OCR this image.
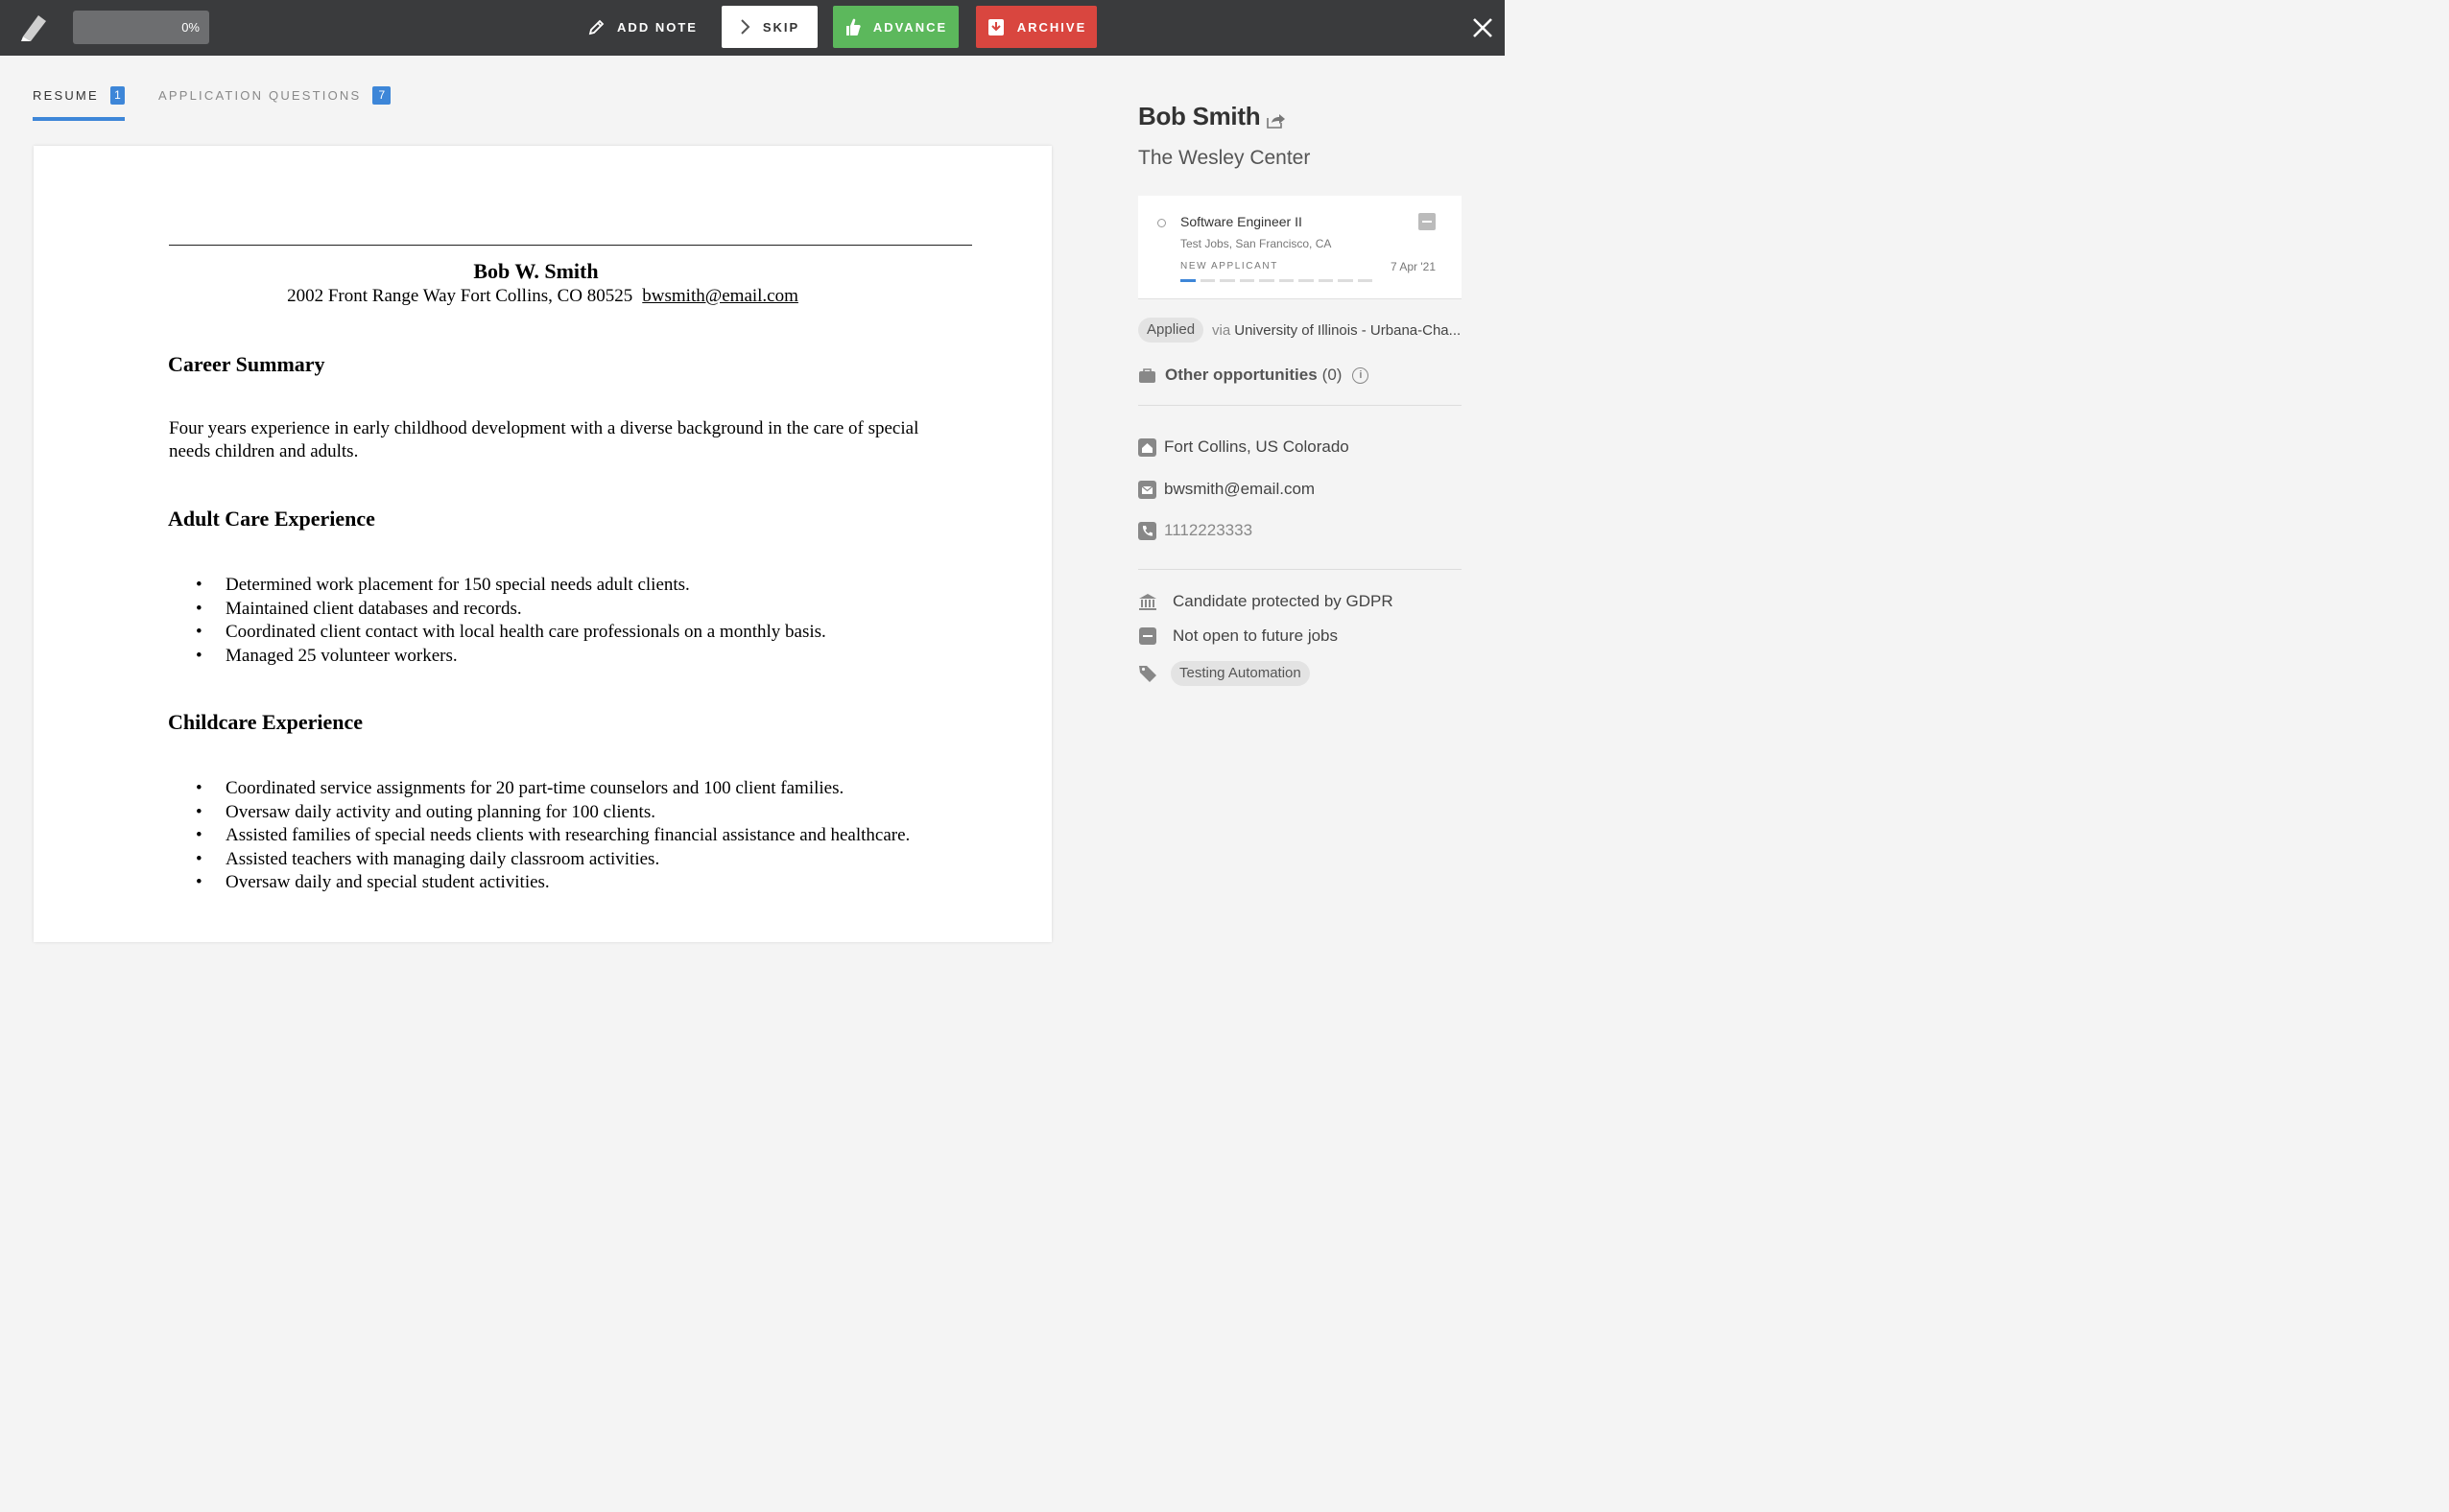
0%	ADD NOTE	SKIP	ADVANCE	ARCHIVE
RESUME	1	APPLICATION QUESTIONS	7
Bob W. Smith
2002 Front Range Way Fort Collins, CO 80525 bwsmith@email.com
Career Summary

Four years experience in early childhood development with a diverse background in the care of special needs children and adults.

Adult Care Experience
• Determined work placement for 150 special needs adult clients.
• Maintained client databases and records.
• Coordinated client contact with local health care professionals on a monthly basis.
• Managed 25 volunteer workers.
Childcare Experience
• Coordinated service assignments for 20 part-time counselors and 100 client families.
• Oversaw daily activity and outing planning for 100 clients.
• Assisted families of special needs clients with researching financial assistance and healthcare.
• Assisted teachers with managing daily classroom activities.
• Oversaw daily and special student activities.
Bob Smith
The Wesley Center
Software Engineer II
Test Jobs, San Francisco, CA
NEW APPLICANT	7 Apr '21
Applied	via University of Illinois - Urbana-Cha...
Other opportunities (0)	i
Fort Collins, US Colorado
bwsmith@email.com
1112223333
Candidate protected by GDPR
Not open to future jobs
Testing Automation
